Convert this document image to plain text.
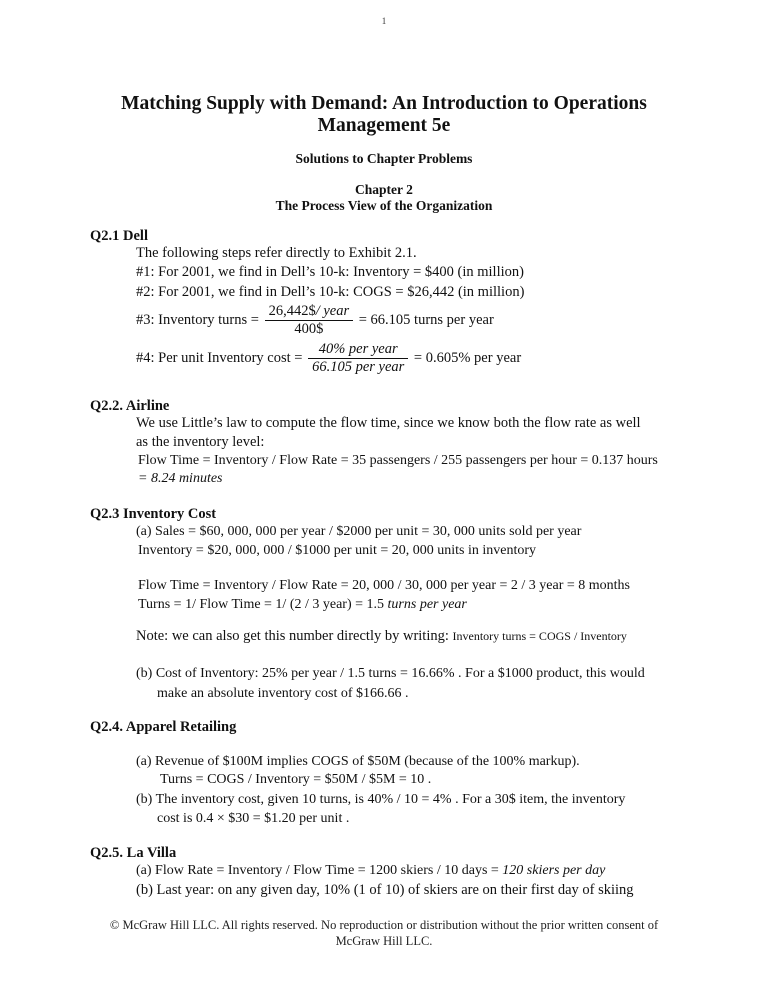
1
Matching Supply with Demand: An Introduction to Operations
Management 5e
Solutions to Chapter Problems
Chapter 2
The Process View of the Organization
Q2.1 Dell
The following steps refer directly to Exhibit 2.1.
#1: For 2001, we find in Dell’s 10-k: Inventory = $400 (in million)
#2: For 2001, we find in Dell’s 10-k: COGS = $26,442 (in million)
#3: Inventory turns = $\frac{\text{26,442\$/ year}}{400\$} = 66.105$ turns per year
#4: Per unit Inventory $\cos t = \frac{\text{40\% per year}}{\text{66.105 per year}} = 0.605\%$ per year
Q2.2. Airline
We use Little’s law to compute the flow time, since we know both the flow rate as well
as the inventory level:
Flow Time = Inventory / Flow Rate = 35 passengers / 255 passengers per hour = 0.137 hours
= 8.24 minutes
Q2.3 Inventory Cost
(a) Sales = $60, 000, 000 per year / $2000 per unit = 30, 000 units sold per year
Inventory = $20, 000, 000 / $1000 per unit = 20, 000 units in inventory
Flow Time = Inventory / Flow Rate = 20, 000 / 30, 000 per year = 2 / 3 year = 8 months
Turns = 1/ Flow Time = 1/ (2 / 3 year) = 1.5 turns per year
Note: we can also get this number directly by writing: Inventory turns = COGS / Inventory
(b) Cost of Inventory: 25% per year / 1.5 turns = 16.66% . For a $1000 product, this would
make an absolute inventory cost of $166.66 .
Q2.4. Apparel Retailing
(a) Revenue of $100M implies COGS of $50M (because of the 100% markup).
Turns = COGS / Inventory = $50M / $5M = 10 .
(b) The inventory cost, given 10 turns, is 40% / 10 = 4% . For a 30$ item, the inventory
cost is 0.4 × $30 = $1.20 per unit .
Q2.5. La Villa
(a) Flow Rate = Inventory / Flow Time = 1200 skiers / 10 days = 120 skiers per day
(b) Last year: on any given day, 10% (1 of 10) of skiers are on their first day of skiing
© McGraw Hill LLC. All rights reserved. No reproduction or distribution without the prior written consent of
McGraw Hill LLC.
